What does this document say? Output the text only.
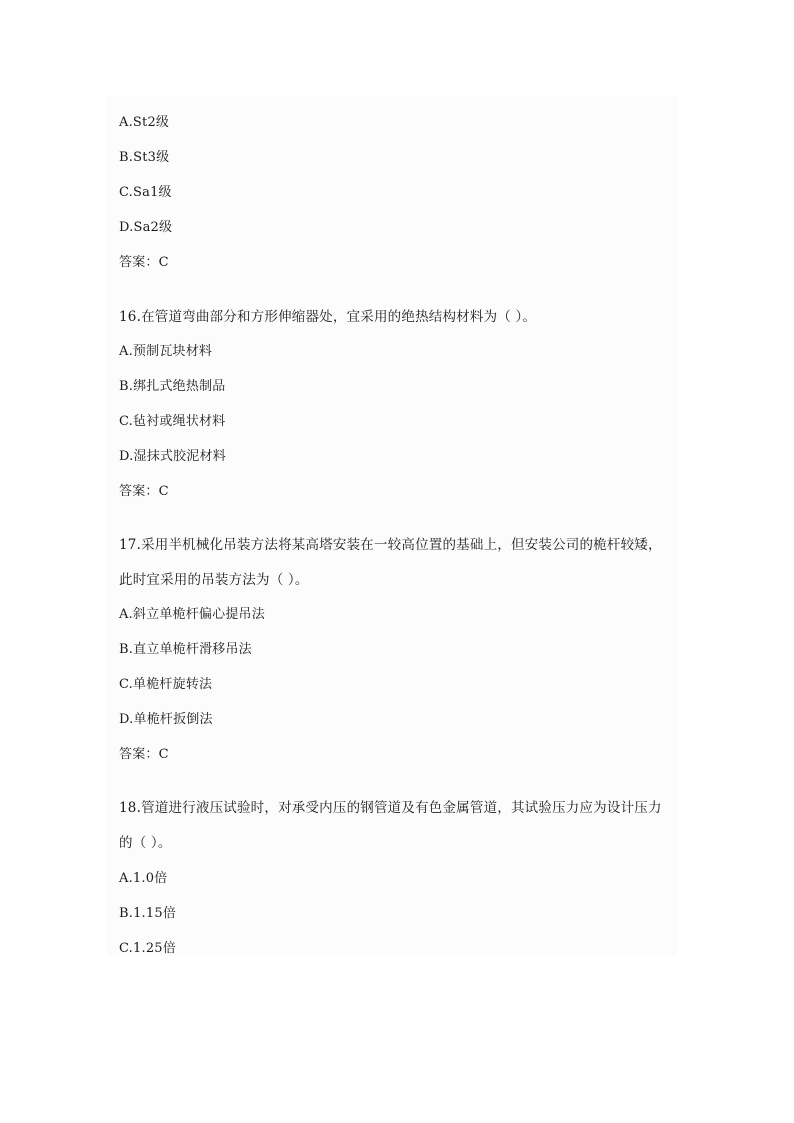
A.St2级
B.St3级
C.Sa1级
D.Sa2级
答案：C
16.在管道弯曲部分和方形伸缩器处，宜采用的绝热结构材料为（ ）。
A.预制瓦块材料
B.绑扎式绝热制品
C.毡衬或绳状材料
D.湿抹式胶泥材料
答案：C
17.采用半机械化吊装方法将某高塔安装在一较高位置的基础上，但安装公司的桅杆较矮，
此时宜采用的吊装方法为（ ）。
A.斜立单桅杆偏心提吊法
B.直立单桅杆滑移吊法
C.单桅杆旋转法
D.单桅杆扳倒法
答案：C
18.管道进行液压试验时，对承受内压的钢管道及有色金属管道，其试验压力应为设计压力
的（ ）。
A.1.0倍
B.1.15倍
C.1.25倍
